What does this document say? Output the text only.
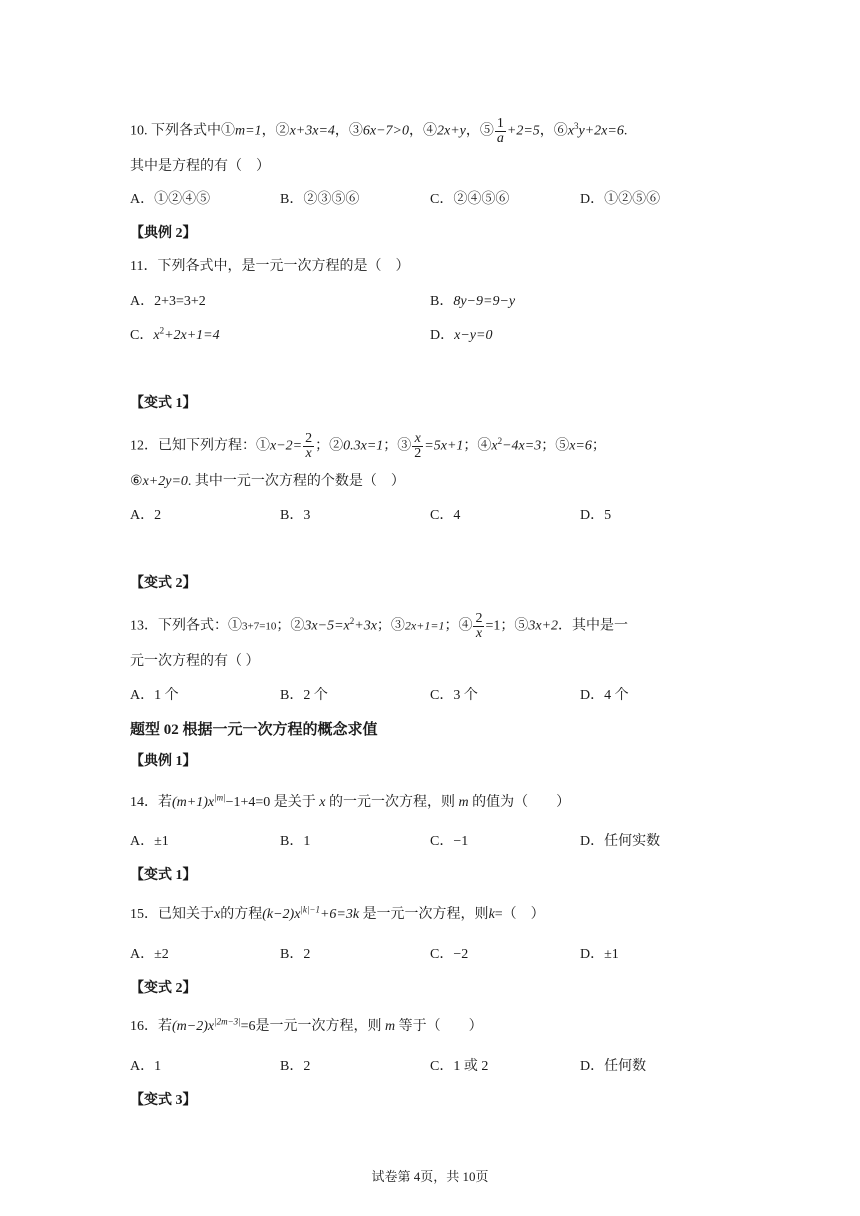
10. 下列各式中①m=1，②x+3x=4，③6x−7>0，④2x+y，⑤ $\frac{1}{a} +2=5$，$⑥x^3y+2x=6$.
其中是方程的有（　）
A．①②④⑤	B．②③⑤⑥	C．②④⑤⑥	D．①②⑤⑥
【典例 2】
11．下列各式中，是一元一次方程的是（　）
A．2+3=3+2	B．8y−9=9−y
C．$x^2+2x+1=4$	D．x−y=0
【变式 1】
12．已知下列方程：①x−2= $\frac{2}{x}$ ；②0.3x=1；③ $\frac{x}{2} =5x+1$；$④x^2-4x=3$；⑤x=6；
⑥x+2y=0. 其中一元一次方程的个数是（　）
A．2	B．3	C．4	D．5
【变式 2】
13．下列各式：①3+7=10；$②3x-5=x^2+3x$；③2x+1=1；④ $\frac{2}{x} =1$；⑤3x+2．其中是一
元一次方程的有（ ）
A．1 个	B．2 个	C．3 个	D．4 个
题型 02 根据一元一次方程的概念求值
【典例 1】
14．若$(m+1)x^{|m|}-1+4=0$ 是关于 x 的一元一次方程，则 m 的值为（　　）
A．±1	B．1	C．−1	D．任何实数
【变式 1】
15．已知关于x的方程$(k-2)x^{|k|-1}+6=3k$ 是一元一次方程，则k=（　）
A．±2	B．2	C．−2	D．±1
【变式 2】
16．若$(m-2)x^{|2m-3|}=6$是一元一次方程，则 m 等于（　　）
A．1	B．2	C．1 或 2	D．任何数
【变式 3】
试卷第 4页，共 10页
